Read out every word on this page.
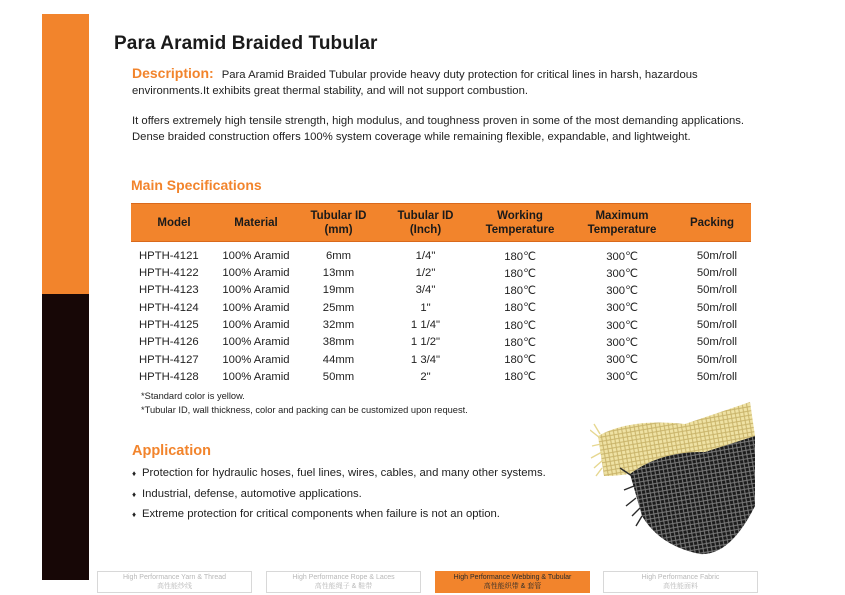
Para Aramid Braided Tubular

Description: Para Aramid Braided Tubular provide heavy duty protection for critical lines in harsh, hazardous environments.It exhibits great thermal stability, and will not support combustion.

It offers extremely high tensile strength, high modulus, and toughness proven in some of the most demanding applications. Dense braided construction offers 100% system coverage while remaining flexible, expandable, and lightweight.

Main Specifications
Model	Material	Tubular ID (mm)	Tubular ID (Inch)	Working Temperature	Maximum Temperature	Packing
HPTH-4121	100% Aramid	6mm	1/4"	180℃	300℃	50m/roll
HPTH-4122	100% Aramid	13mm	1/2"	180℃	300℃	50m/roll
HPTH-4123	100% Aramid	19mm	3/4"	180℃	300℃	50m/roll
HPTH-4124	100% Aramid	25mm	1"	180℃	300℃	50m/roll
HPTH-4125	100% Aramid	32mm	1 1/4"	180℃	300℃	50m/roll
HPTH-4126	100% Aramid	38mm	1 1/2"	180℃	300℃	50m/roll
HPTH-4127	100% Aramid	44mm	1 3/4"	180℃	300℃	50m/roll
HPTH-4128	100% Aramid	50mm	2"	180℃	300℃	50m/roll
*Standard color is yellow.
*Tubular ID, wall thickness, color and packing can be customized upon request.
Application
♦ Protection for hydraulic hoses, fuel lines, wires, cables, and many other systems.
♦ Industrial, defense, automotive applications.
♦ Extreme protection for critical components when failure is not an option.
High Performance Yarn & Thread
高性能纱线
High Performance Rope & Laces
高性能绳子 & 鞋带
High Performance Webbing & Tubular
高性能织带 & 套管
High Performance Fabric
高性能面料
